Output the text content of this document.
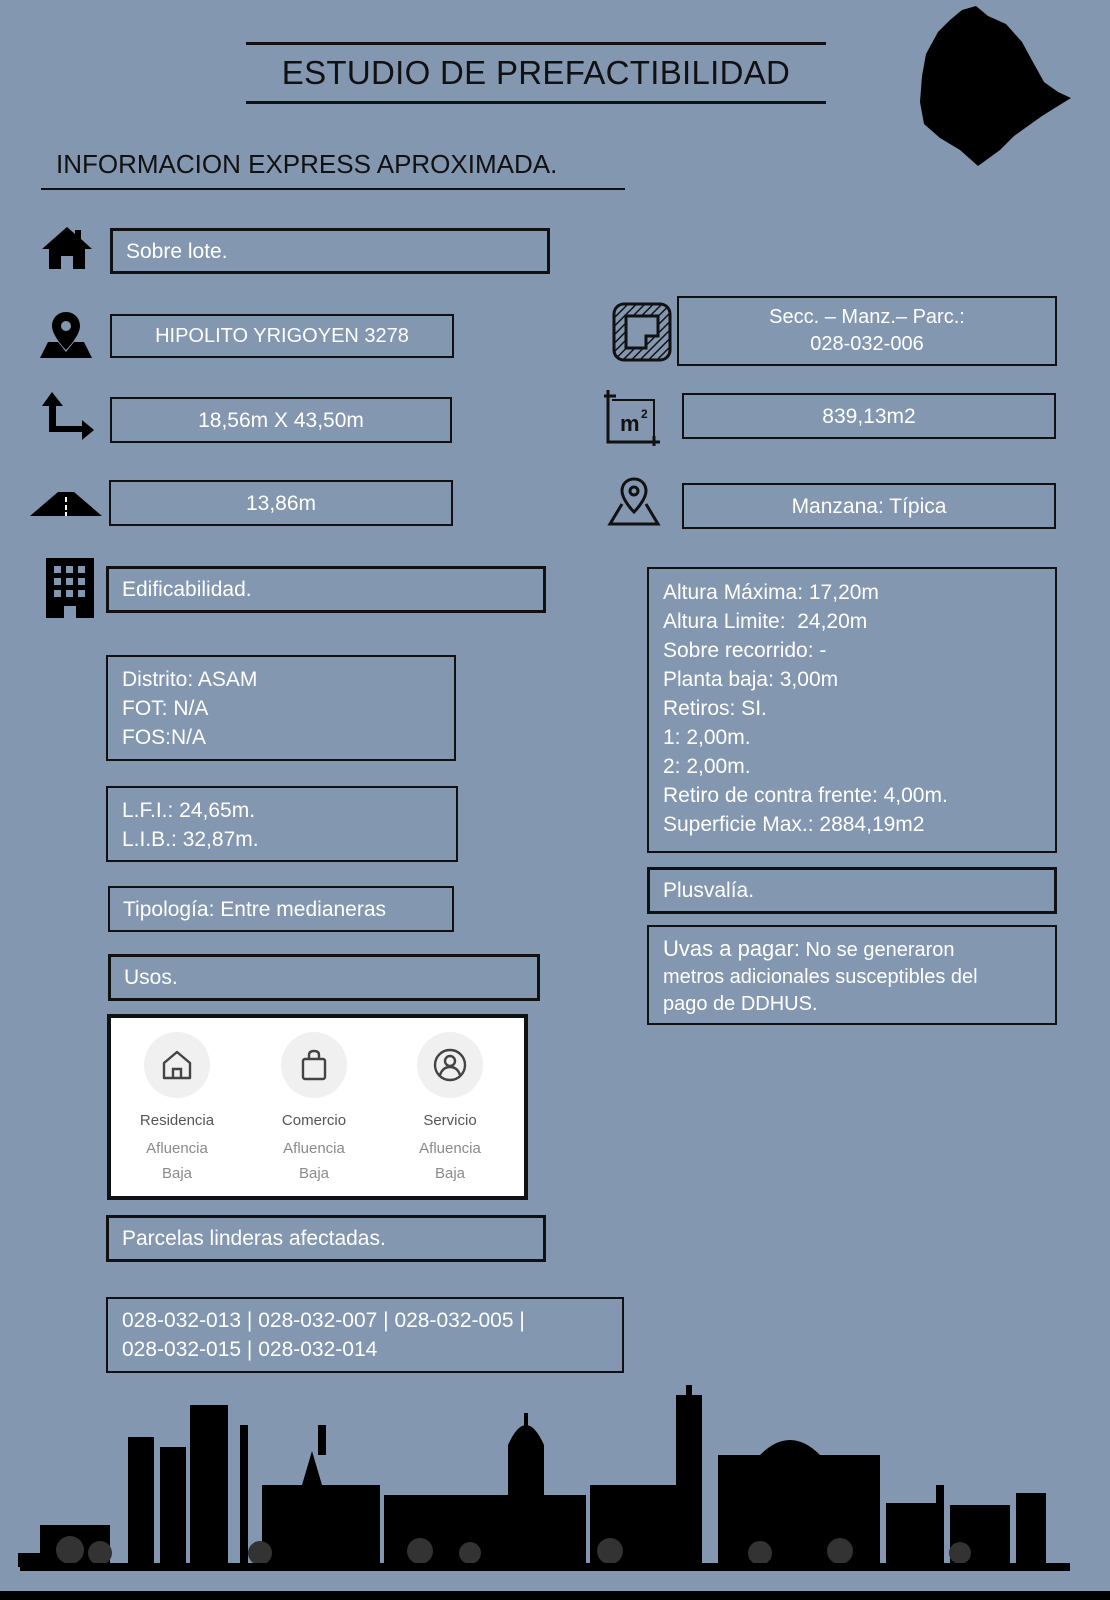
ESTUDIO DE PREFACTIBILIDAD
INFORMACION EXPRESS APROXIMADA.
Sobre lote.
HIPOLITO YRIGOYEN 3278
Secc. – Manz.– Parc.:
028-032-006
18,56m X 43,50m	m 2	839,13m2
13,86m	Manzana: Típica
Edificabilidad.
Distrito: ASAM
FOT: N/A
FOS:N/A
L.F.I.: 24,65m.
L.I.B.: 32,87m.
Tipología: Entre medianeras
Altura Máxima: 17,20m
Altura Limite:  24,20m
Sobre recorrido: -
Planta baja: 3,00m
Retiros: SI.
1: 2,00m.
2: 2,00m.
Retiro de contra frente: 4,00m.
Superficie Max.: 2884,19m2
Plusvalía.
Uvas a pagar: No se generaron
metros adicionales susceptibles del
pago de DDHUS.
Usos.
Residencia
Afluencia
Baja
Comercio
Afluencia
Baja
Servicio
Afluencia
Baja
Parcelas linderas afectadas.
028-032-013 | 028-032-007 | 028-032-005 |
028-032-015 | 028-032-014
